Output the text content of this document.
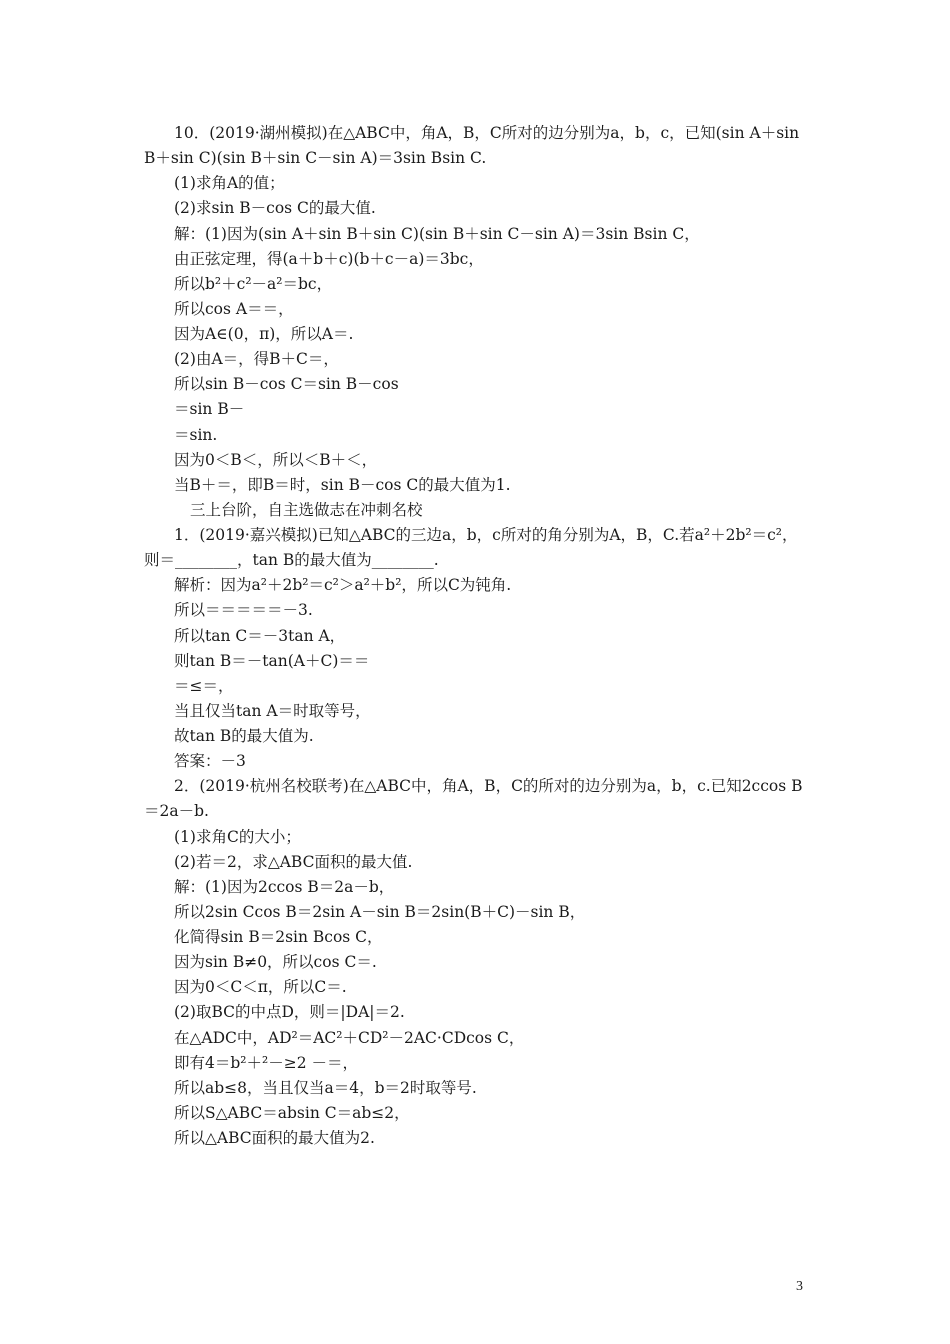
10．(2019·湖州模拟)在△ABC中，角A，B，C所对的边分别为a，b，c，已知(sin A＋sin
B＋sin C)(sin B＋sin C－sin A)＝3sin Bsin C.
(1)求角A的值；
(2)求sin B－cos C的最大值.
解：(1)因为(sin A＋sin B＋sin C)(sin B＋sin C－sin A)＝3sin Bsin C，
由正弦定理，得(a＋b＋c)(b＋c－a)＝3bc，
所以b²＋c²－a²＝bc，
所以cos A＝＝，
因为A∈(0，π)，所以A＝.
(2)由A＝，得B＋C＝，
所以sin B－cos C＝sin B－cos
＝sin B－
＝sin.
因为0＜B＜，所以＜B＋＜，
当B＋＝，即B＝时，sin B－cos C的最大值为1.
三上台阶，自主选做志在冲刺名校
1．(2019·嘉兴模拟)已知△ABC的三边a，b，c所对的角分别为A，B，C.若a²＋2b²＝c²，
则＝________，tan B的最大值为________.
解析：因为a²＋2b²＝c²＞a²＋b²，所以C为钝角.
所以＝＝＝＝＝－3.
所以tan C＝－3tan A，
则tan B＝－tan(A＋C)＝＝
＝≤＝，
当且仅当tan A＝时取等号，
故tan B的最大值为.
答案：－3
2．(2019·杭州名校联考)在△ABC中，角A，B，C的所对的边分别为a，b，c.已知2ccos B
＝2a－b.
(1)求角C的大小；
(2)若＝2，求△ABC面积的最大值.
解：(1)因为2ccos B＝2a－b，
所以2sin Ccos B＝2sin A－sin B＝2sin(B＋C)－sin B，
化简得sin B＝2sin Bcos C，
因为sin B≠0，所以cos C＝.
因为0＜C＜π，所以C＝.
(2)取BC的中点D，则＝|DA|＝2.
在△ADC中，AD²＝AC²＋CD²－2AC·CDcos C，
即有4＝b²＋²－≥2 －＝，
所以ab≤8，当且仅当a＝4，b＝2时取等号.
所以S△ABC＝absin C＝ab≤2，
所以△ABC面积的最大值为2.
3
